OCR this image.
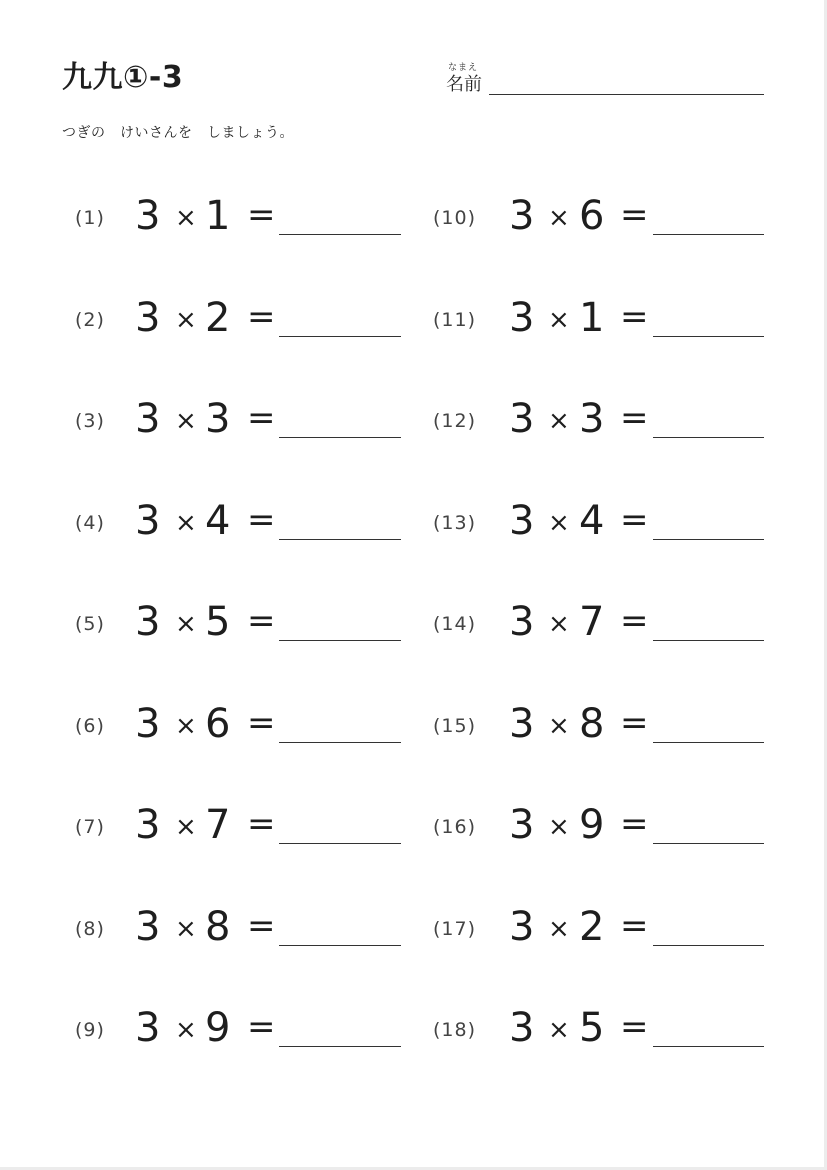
九九①-3	なまえ
名前
つぎの　けいさんを　しましょう。
(1) 3 × 1 =
(2) 3 × 2 =
(3) 3 × 3 =
(4) 3 × 4 =
(5) 3 × 5 =
(6) 3 × 6 =
(7) 3 × 7 =
(8) 3 × 8 =
(9) 3 × 9 =
(10) 3 × 6 =
(11) 3 × 1 =
(12) 3 × 3 =
(13) 3 × 4 =
(14) 3 × 7 =
(15) 3 × 8 =
(16) 3 × 9 =
(17) 3 × 2 =
(18) 3 × 5 =
